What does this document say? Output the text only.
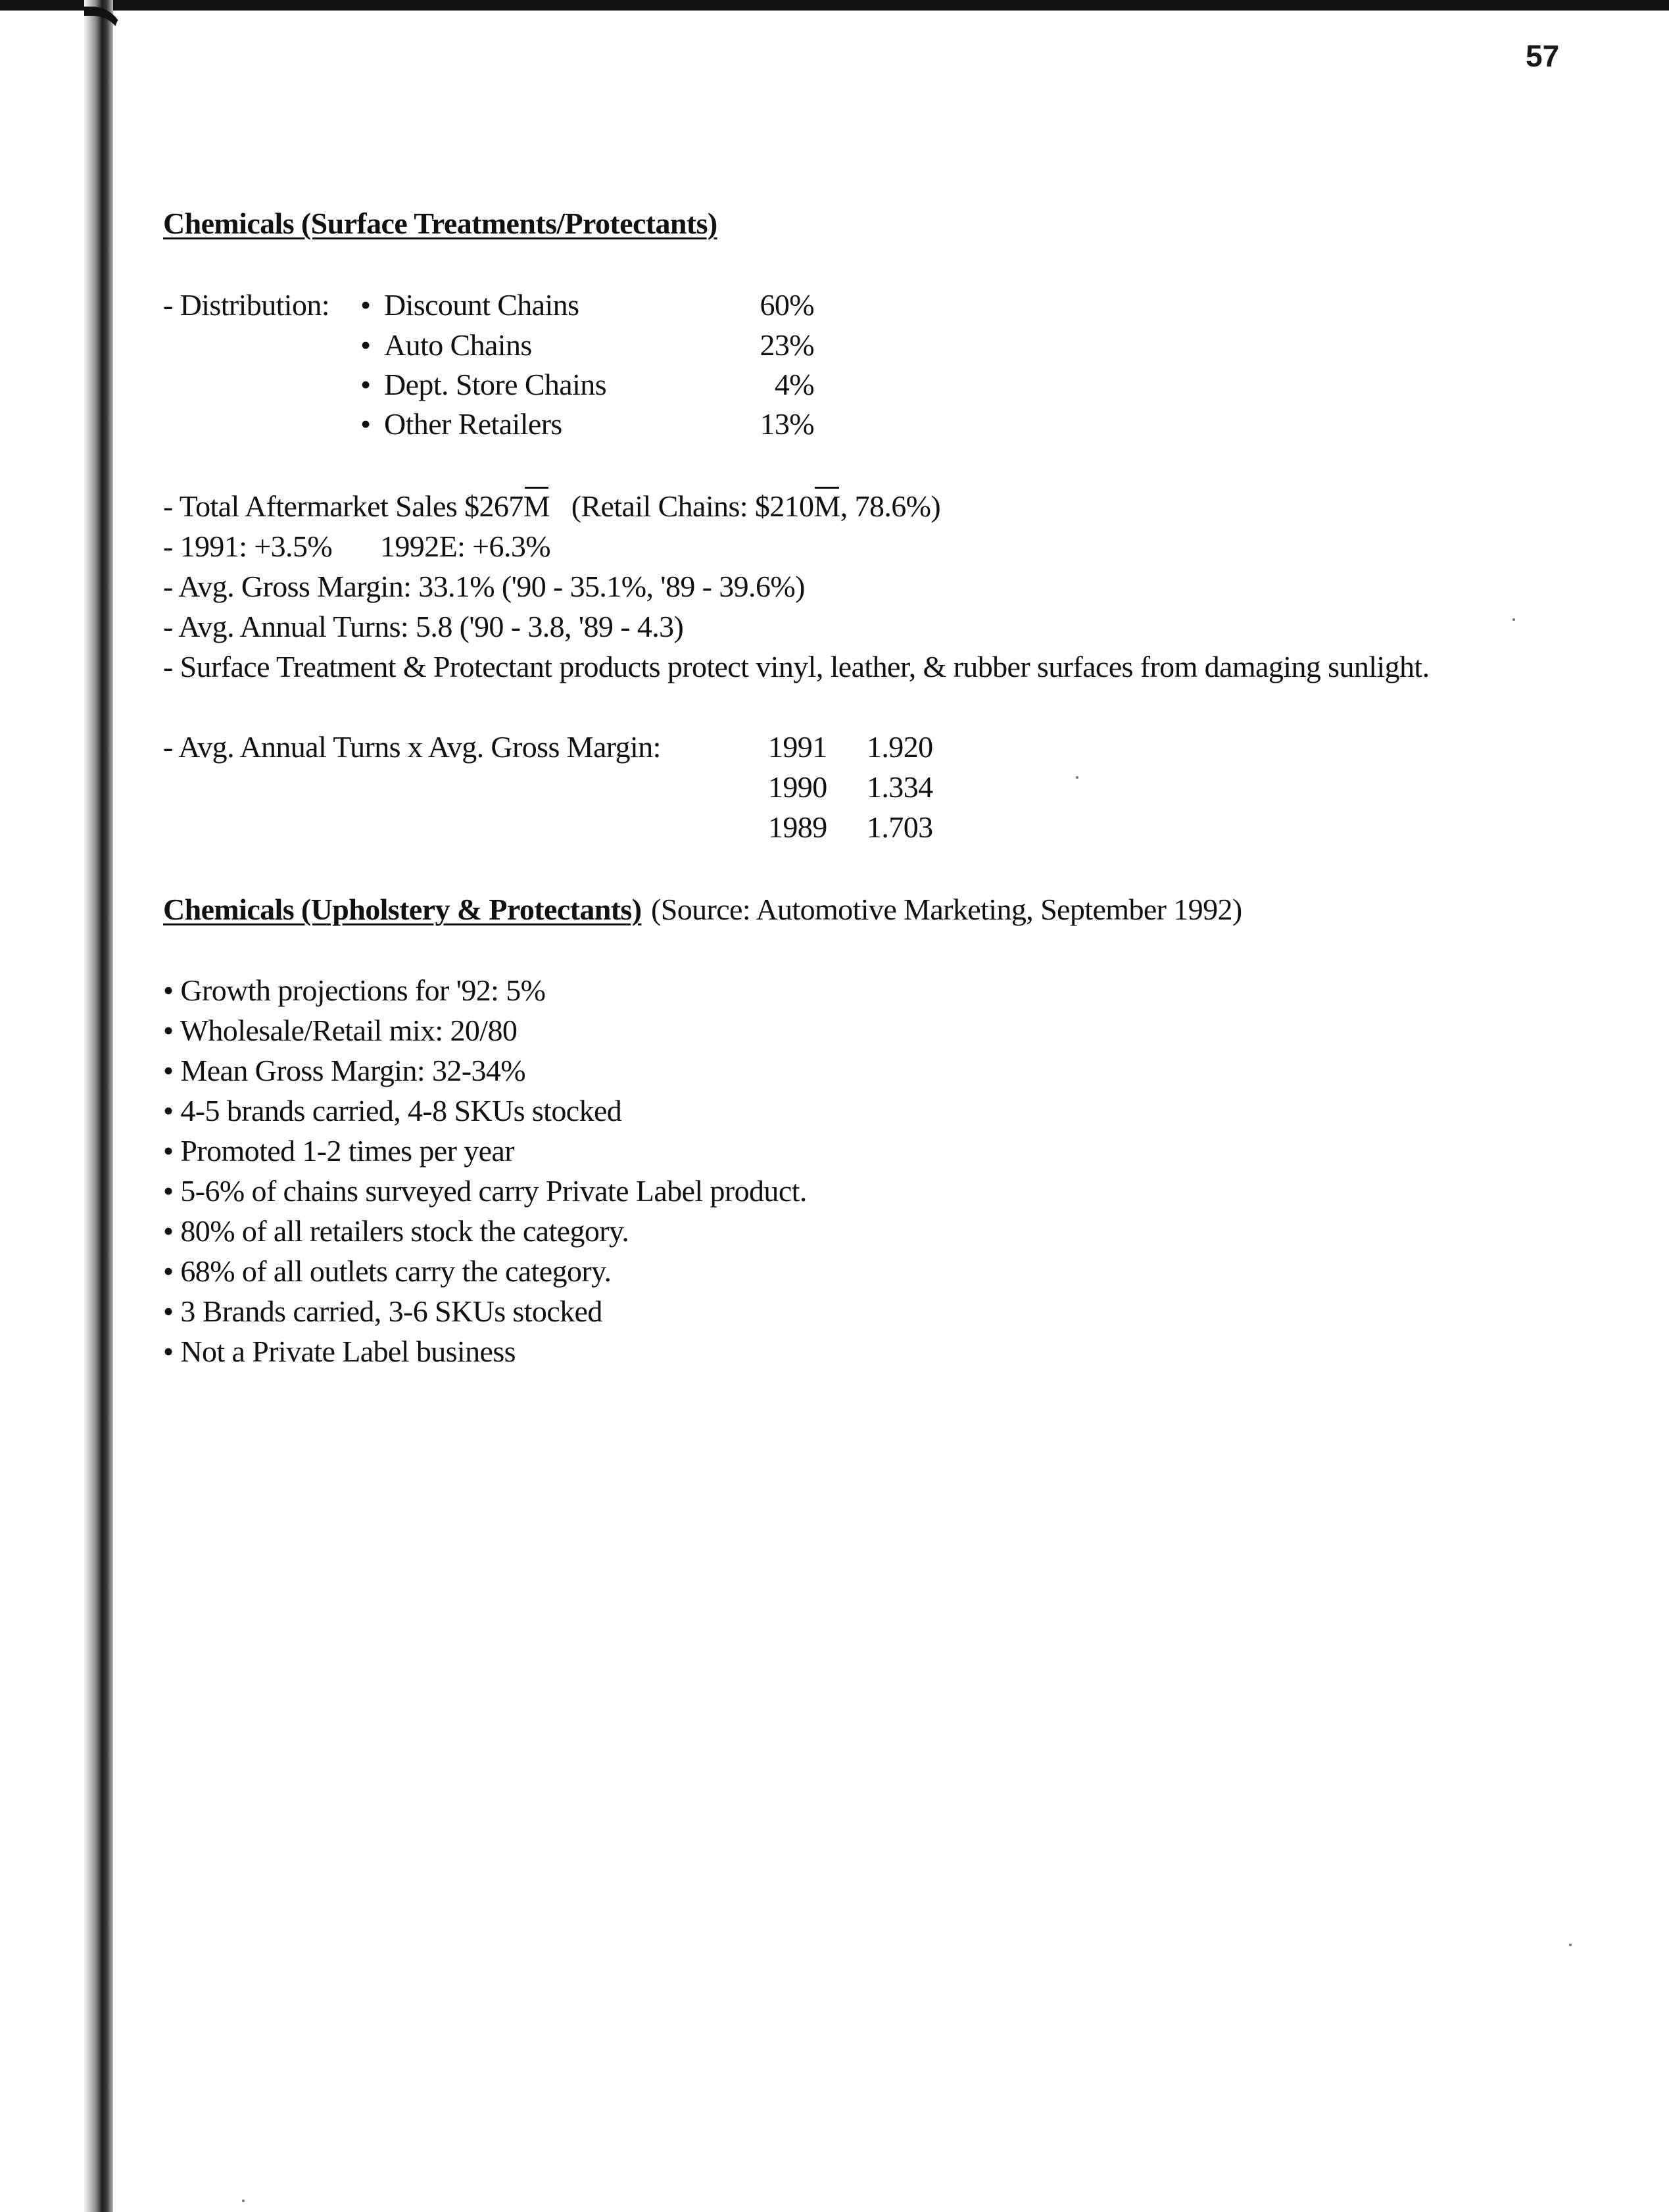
57
Chemicals (Surface Treatments/Protectants)
- Distribution: • Discount Chains	60%
• Auto Chains	23%
• Dept. Store Chains	4%
• Other Retailers	13%
- Total Aftermarket Sales $267M (Retail Chains: $210M, 78.6%)
- 1991: +3.5% 1992E: +6.3%
- Avg. Gross Margin: 33.1% ('90 - 35.1%, '89 - 39.6%)
- Avg. Annual Turns: 5.8 ('90 - 3.8, '89 - 4.3)
- Surface Treatment & Protectant products protect vinyl, leather, & rubber surfaces from damaging sunlight.
- Avg. Annual Turns x Avg. Gross Margin:	1991 1.920
1990 1.334
1989 1.703
Chemicals (Upholstery & Protectants) (Source: Automotive Marketing, September 1992)
• Growth projections for '92: 5%
• Wholesale/Retail mix: 20/80
• Mean Gross Margin: 32-34%
• 4-5 brands carried, 4-8 SKUs stocked
• Promoted 1-2 times per year
• 5-6% of chains surveyed carry Private Label product.
• 80% of all retailers stock the category.
• 68% of all outlets carry the category.
• 3 Brands carried, 3-6 SKUs stocked
• Not a Private Label business
